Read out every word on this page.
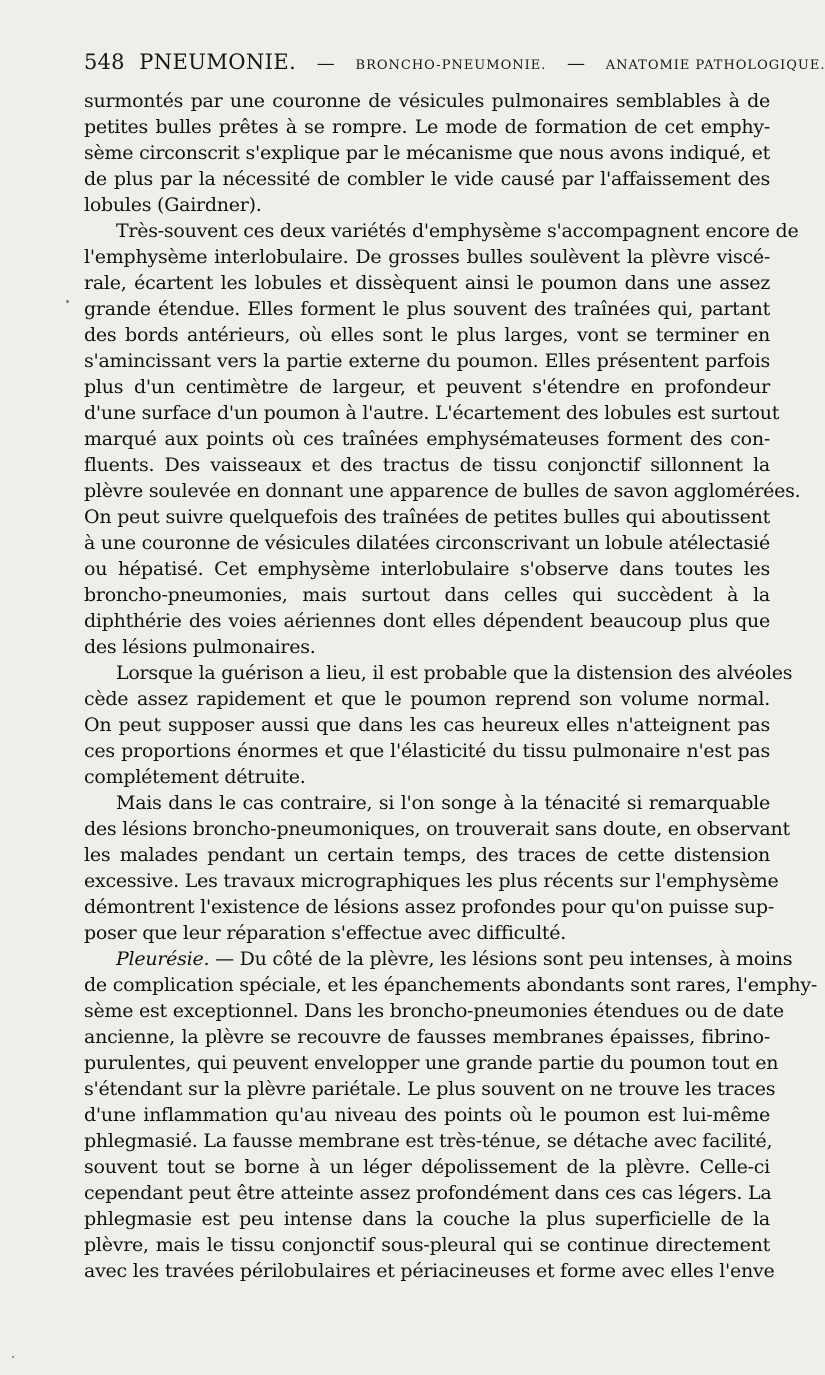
548 PNEUMONIE. — BRONCHO-PNEUMONIE. — ANATOMIE PATHOLOGIQUE.
surmontés par une couronne de vésicules pulmonaires semblables à de
petites bulles prêtes à se rompre. Le mode de formation de cet emphy-
sème circonscrit s'explique par le mécanisme que nous avons indiqué, et
de plus par la nécessité de combler le vide causé par l'affaissement des
lobules (Gairdner).
Très-souvent ces deux variétés d'emphysème s'accompagnent encore de
l'emphysème interlobulaire. De grosses bulles soulèvent la plèvre viscé-
rale, écartent les lobules et dissèquent ainsi le poumon dans une assez
grande étendue. Elles forment le plus souvent des traînées qui, partant
des bords antérieurs, où elles sont le plus larges, vont se terminer en
s'amincissant vers la partie externe du poumon. Elles présentent parfois
plus d'un centimètre de largeur, et peuvent s'étendre en profondeur
d'une surface d'un poumon à l'autre. L'écartement des lobules est surtout
marqué aux points où ces traînées emphysémateuses forment des con-
fluents. Des vaisseaux et des tractus de tissu conjonctif sillonnent la
plèvre soulevée en donnant une apparence de bulles de savon agglomérées.
On peut suivre quelquefois des traînées de petites bulles qui aboutissent
à une couronne de vésicules dilatées circonscrivant un lobule atélectasié
ou hépatisé. Cet emphysème interlobulaire s'observe dans toutes les
broncho-pneumonies, mais surtout dans celles qui succèdent à la
diphthérie des voies aériennes dont elles dépendent beaucoup plus que
des lésions pulmonaires.
Lorsque la guérison a lieu, il est probable que la distension des alvéoles
cède assez rapidement et que le poumon reprend son volume normal.
On peut supposer aussi que dans les cas heureux elles n'atteignent pas
ces proportions énormes et que l'élasticité du tissu pulmonaire n'est pas
complétement détruite.
Mais dans le cas contraire, si l'on songe à la ténacité si remarquable
des lésions broncho-pneumoniques, on trouverait sans doute, en observant
les malades pendant un certain temps, des traces de cette distension
excessive. Les travaux micrographiques les plus récents sur l'emphysème
démontrent l'existence de lésions assez profondes pour qu'on puisse sup-
poser que leur réparation s'effectue avec difficulté.
Pleurésie. — Du côté de la plèvre, les lésions sont peu intenses, à moins
de complication spéciale, et les épanchements abondants sont rares, l'emphy-
sème est exceptionnel. Dans les broncho-pneumonies étendues ou de date
ancienne, la plèvre se recouvre de fausses membranes épaisses, fibrino-
purulentes, qui peuvent envelopper une grande partie du poumon tout en
s'étendant sur la plèvre pariétale. Le plus souvent on ne trouve les traces
d'une inflammation qu'au niveau des points où le poumon est lui-même
phlegmasié. La fausse membrane est très-ténue, se détache avec facilité,
souvent tout se borne à un léger dépolissement de la plèvre. Celle-ci
cependant peut être atteinte assez profondément dans ces cas légers. La
phlegmasie est peu intense dans la couche la plus superficielle de la
plèvre, mais le tissu conjonctif sous-pleural qui se continue directement
avec les travées périlobulaires et périacineuses et forme avec elles l'enve
